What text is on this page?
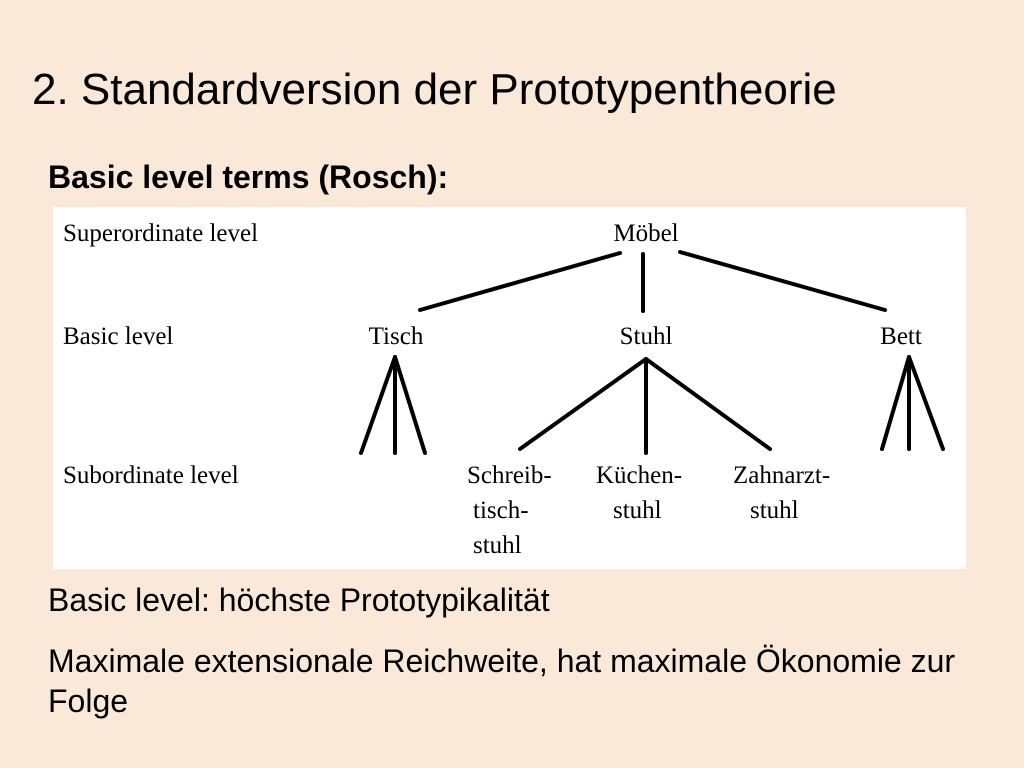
2. Standardversion der Prototypentheorie
Basic level terms (Rosch):
Superordinate level
Basic level
Subordinate level
Möbel
Tisch	Stuhl	Bett
Schreib-
tisch-
stuhl
Küchen-
stuhl
Zahnarzt-
stuhl
Basic level: höchste Prototypikalität
Maximale extensionale Reichweite, hat maximale Ökonomie zur Folge
